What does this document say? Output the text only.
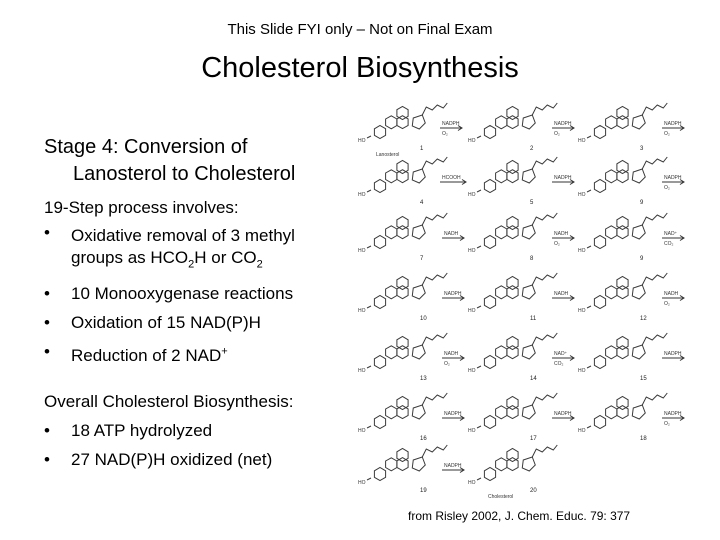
This Slide FYI only – Not on Final Exam
Cholesterol Biosynthesis
Stage 4: Conversion of
Lanosterol to Cholesterol
19-Step process involves:
• Oxidative removal of 3 methyl
groups as $HCO_2H$ or $CO_2$
• 10 Monooxygenase reactions
• Oxidation of 15 NAD(P)H
• Reduction of 2 NAD+
Overall Cholesterol Biosynthesis:
• 18 ATP hydrolyzed
• 27 NAD(P)H oxidized (net)
from Risley 2002, J. Chem. Educ. 79: 377
HO
1
HO
2
HO
3
NADPH
O₂
NADPH
O₂
NADPH
O₂
HO
4
HO
5
HO
9
HCOOH	NADPH	NADPH
O₂
HO
7
HO
8
HO
9
NADH	NADH
O₂
NAD⁺
CO₂
HO
10
HO
11
HO
12
NADPH	NADH	NADH
O₂
HO
13
HO
14
HO
15
NADH
O₂
NAD⁺
CO₂
NADPH
HO
16
HO
17
HO
18
NADPH	NADPH	NADPH
O₂
HO
19
HO
20
NADPH
Lanosterol
Cholesterol
